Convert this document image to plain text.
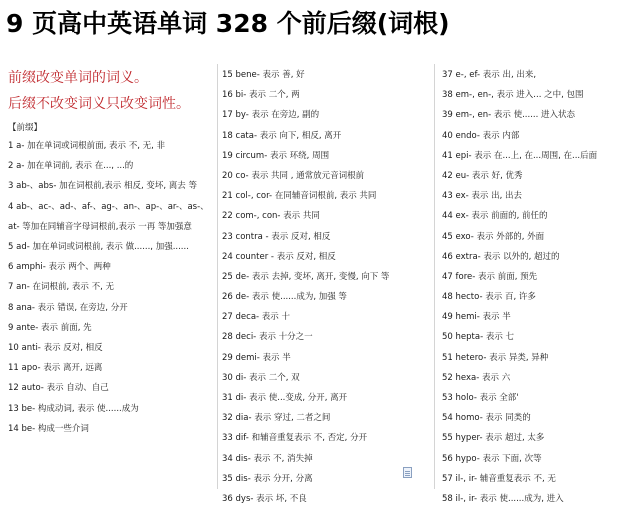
9 页高中英语单词 328 个前后缀(词根)
前缀改变单词的词义。
后缀不改变词义只改变词性。
【前缀】
1 a- 加在单词或词根前面, 表示 不, 无, 非
2 a- 加在单词前, 表示 在..., ...的
3 ab-、abs- 加在词根前,表示 相反, 变坏, 离去 等
4 ab-、ac-、ad-、af-、ag-、an-、ap-、ar-、as-、at- 等加在同辅音字母词根前,表示 一再 等加强意
5 ad- 加在单词或词根前, 表示 做......, 加强......
6 amphi- 表示 两个、两种
7 an- 在词根前, 表示 不, 无
8 ana- 表示 错误, 在旁边, 分开
9 ante- 表示 前面, 先
10 anti- 表示 反对, 相反
11 apo- 表示 离开, 远离
12 auto- 表示 自动、自己
13 be- 构成动词, 表示 使......成为
14 be- 构成一些介词
15 bene- 表示 善, 好
16 bi- 表示 二个, 两
17 by- 表示 在旁边, 副的
18 cata- 表示 向下, 相反, 离开
19 circum- 表示 环绕, 周围
20 co- 表示 共同 , 通常放元音词根前
21 col-, cor- 在同辅音词根前, 表示 共同
22 com-, con- 表示 共同
23 contra - 表示 反对, 相反
24 counter - 表示 反对, 相反
25 de- 表示 去掉, 变坏, 离开, 变慢, 向下 等
26 de- 表示 使......成为, 加强 等
27 deca- 表示 十
28 deci- 表示 十分之一
29 demi- 表示 半
30 di- 表示 二个, 双
31 di- 表示 使...变成, 分开, 离开
32 dia- 表示 穿过, 二者之间
33 dif- 和辅音重复表示 不, 否定, 分开
34 dis- 表示 不, 消失掉
35 dis- 表示 分开, 分离
36 dys- 表示 坏, 不良
37 e-, ef- 表示 出, 出来,
38 em-, en-, 表示 进入... 之中, 包围
39 em-, en- 表示 使...... 进入状态
40 endo- 表示 内部
41 epi- 表示 在...上, 在...周围, 在...后面
42 eu- 表示 好, 优秀
43 ex- 表示 出, 出去
44 ex- 表示 前面的, 前任的
45 exo- 表示 外部的, 外面
46 extra- 表示 以外的, 超过的
47 fore- 表示 前面, 预先
48 hecto- 表示 百, 许多
49 hemi- 表示 半
50 hepta- 表示 七
51 hetero- 表示 异类, 异种
52 hexa- 表示 六
53 holo- 表示 全部'
54 homo- 表示 同类的
55 hyper- 表示 超过, 太多
56 hypo- 表示 下面, 次等
57 il-, ir- 辅音重复表示 不, 无
58 il-, ir- 表示 使......成为, 进入
